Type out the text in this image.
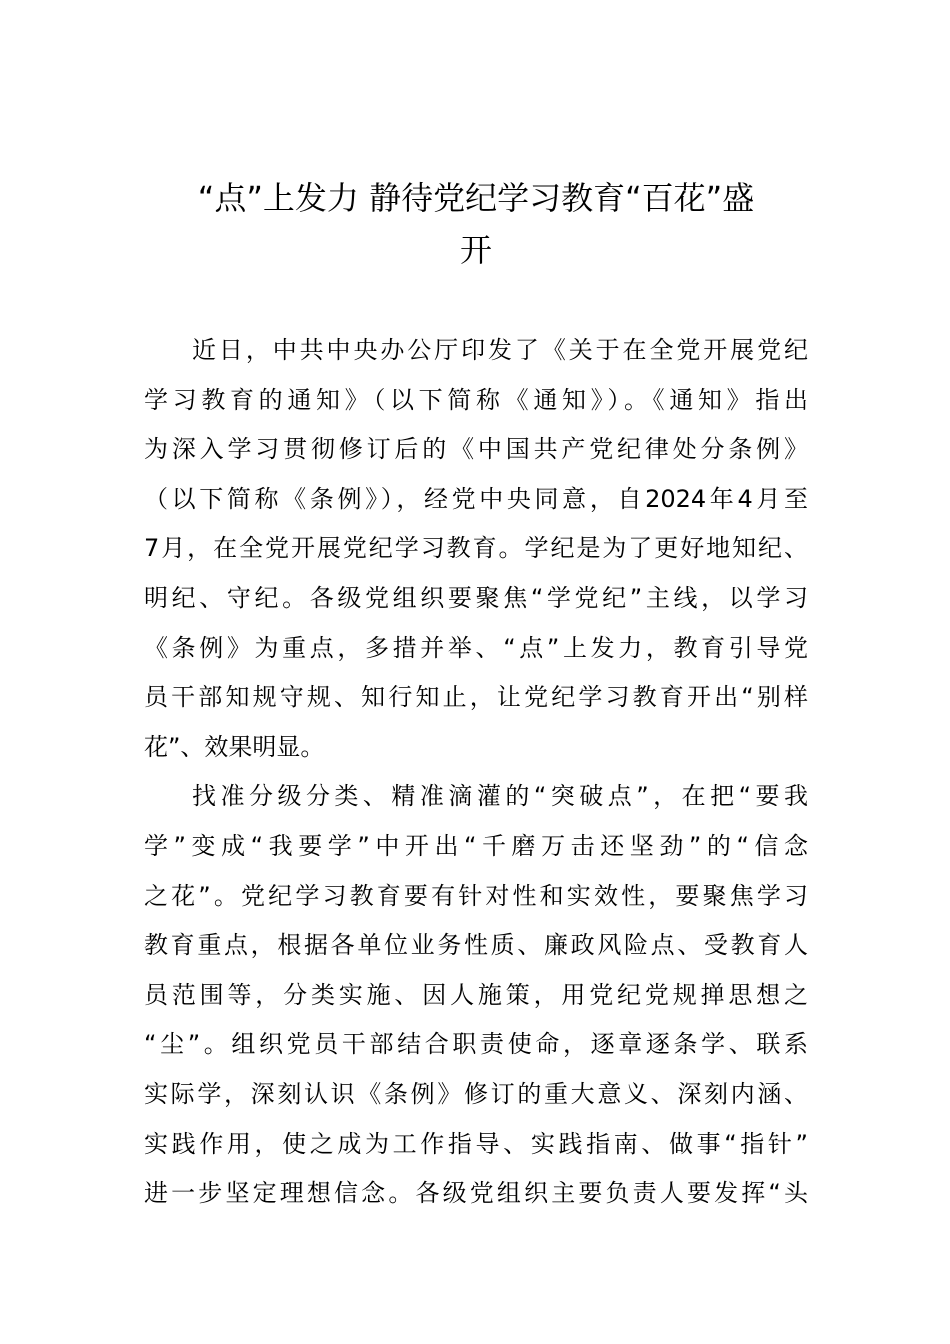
“点”上发力 静待党纪学习教育“百花”盛
开
近日，中共中央办公厅印发了《关于在全党开展党纪
学习教育的通知》（以下简称《通知》）。《通知》指出
为深入学习贯彻修订后的《中国共产党纪律处分条例》
（以下简称《条例》），经党中央同意，自2024年4月至
7月，在全党开展党纪学习教育。学纪是为了更好地知纪、
明纪、守纪。各级党组织要聚焦“学党纪”主线，以学习
《条例》为重点，多措并举、“点”上发力，教育引导党
员干部知规守规、知行知止，让党纪学习教育开出“别样
花”、效果明显。
找准分级分类、精准滴灌的“突破点”，在把“要我
学”变成“我要学”中开出“千磨万击还坚劲”的“信念
之花”。党纪学习教育要有针对性和实效性，要聚焦学习
教育重点，根据各单位业务性质、廉政风险点、受教育人
员范围等，分类实施、因人施策，用党纪党规掸思想之
“尘”。组织党员干部结合职责使命，逐章逐条学、联系
实际学，深刻认识《条例》修订的重大意义、深刻内涵、
实践作用，使之成为工作指导、实践指南、做事“指针”
进一步坚定理想信念。各级党组织主要负责人要发挥“头
